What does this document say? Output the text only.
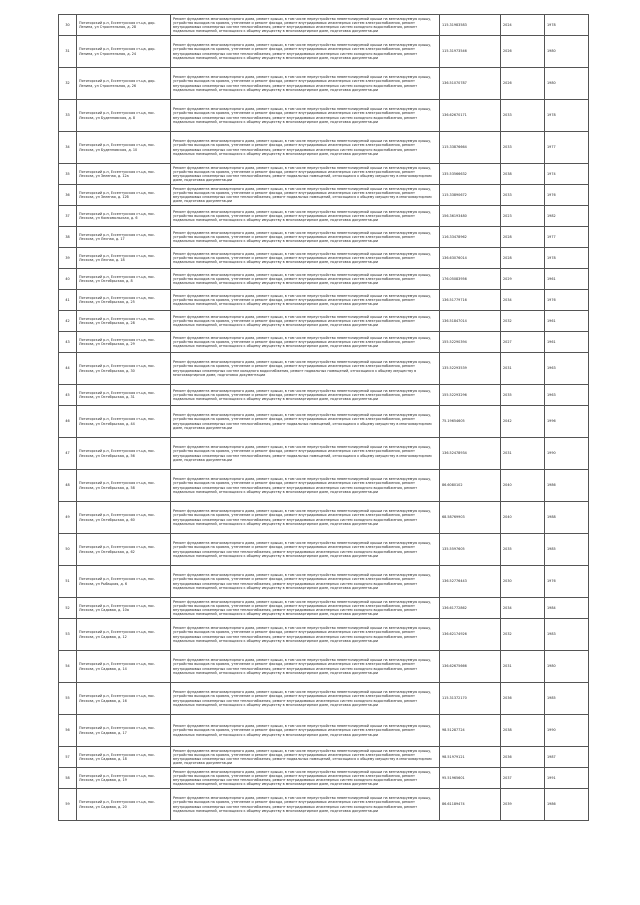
30	Пятигорский р-н, Ессентукская ст-ца, дор. Ленина, ул Строительная, д. 28	Ремонт фундамента многоквартирного дома, ремонт крыши, в том числе переустройство невентилируемой крыши на вентилируемую крышу, устройство выходов на кровлю, утепление и ремонт фасада, ремонт внутридомовых инженерных систем электроснабжения, ремонт внутридомовых инженерных систем теплоснабжения, ремонт внутридомовых инженерных систем холодного водоснабжения, ремонт подвальных помещений, относящихся к общему имуществу в многоквартирном доме, подготовка документации	115.31983583	2024	1978
31	Пятигорский р-н, Ессентукская ст-ца, дор. Ленина, ул Строительная, д. 24	Ремонт фундамента многоквартирного дома, ремонт крыши, в том числе переустройство невентилируемой крыши на вентилируемую крышу, устройство выходов на кровлю, утепление и ремонт фасада, ремонт внутридомовых инженерных систем электроснабжения, ремонт внутридомовых инженерных систем теплоснабжения, ремонт внутридомовых инженерных систем холодного водоснабжения, ремонт подвальных помещений, относящихся к общему имуществу в многоквартирном доме, подготовка документации	115.31973546	2026	1980
32	Пятигорский р-н, Ессентукская ст-ца, дор. Ленина, ул Строительная, д. 26	Ремонт фундамента многоквартирного дома, ремонт крыши, в том числе переустройство невентилируемой крыши на вентилируемую крышу, устройство выходов на кровлю, утепление и ремонт фасада, ремонт внутридомовых инженерных систем электроснабжения, ремонт внутридомовых инженерных систем теплоснабжения, ремонт внутридомовых инженерных систем холодного водоснабжения, ремонт подвальных помещений, относящихся к общему имуществу в многоквартирном доме, подготовка документации	136.51070787	2026	1980
33	Пятигорский р-н, Ессентукская ст-ца, пос. Лесхоза, ул Буденновская, д. 8	Ремонт фундамента многоквартирного дома, ремонт крыши, в том числе переустройство невентилируемой крыши на вентилируемую крышу, устройство выходов на кровлю, утепление и ремонт фасада, ремонт внутридомовых инженерных систем электроснабжения, ремонт внутридомовых инженерных систем теплоснабжения, ремонт внутридомовых инженерных систем холодного водоснабжения, ремонт подвальных помещений, относящихся к общему имуществу в многоквартирном доме, подготовка документации	136.62670171	2033	1978
34	Пятигорский р-н, Ессентукская ст-ца, пос. Лесхоза, ул Буденновская, д. 10	Ремонт фундамента многоквартирного дома, ремонт крыши, в том числе переустройство невентилируемой крыши на вентилируемую крышу, устройство выходов на кровлю, утепление и ремонт фасада, ремонт внутридомовых инженерных систем электроснабжения, ремонт внутридомовых инженерных систем теплоснабжения, ремонт внутридомовых инженерных систем холодного водоснабжения, ремонт подвальных помещений, относящихся к общему имуществу в многоквартирном доме, подготовка документации	115.33876664	2033	1977
35	Пятигорский р-н, Ессентукская ст-ца, пос. Лесхоза, ул Зеленая, д. 12а	Ремонт фундамента многоквартирного дома, ремонт крыши, в том числе переустройство невентилируемой крыши на вентилируемую крышу, устройство выходов на кровлю, утепление и ремонт фасада, ремонт внутридомовых инженерных систем электроснабжения, ремонт внутридомовых инженерных систем теплоснабжения, ремонт подвальных помещений, относящихся к общему имуществу в многоквартирном доме, подготовка документации	135.53566632	2038	1974
36	Пятигорский р-н, Ессентукская ст-ца, пос. Лесхоза, ул Зеленая, д. 12б	Ремонт фундамента многоквартирного дома, ремонт крыши, в том числе переустройство невентилируемой крыши на вентилируемую крышу, устройство выходов на кровлю, утепление и ремонт фасада, ремонт внутридомовых инженерных систем электроснабжения, ремонт внутридомовых инженерных систем теплоснабжения, ремонт подвальных помещений, относящихся к общему имуществу в многоквартирном доме, подготовка документации	115.33890672	2033	1976
37	Пятигорский р-н, Ессентукская ст-ца, пос. Лесхоза, ул Комсомольская, д. 6	Ремонт фундамента многоквартирного дома, ремонт крыши, в том числе переустройство невентилируемой крыши на вентилируемую крышу, устройство выходов на кровлю, утепление и ремонт фасада, ремонт внутридомовых инженерных систем электроснабжения, ремонт подвальных помещений, относящихся к общему имуществу в многоквартирном доме, подготовка документации	156.36193480	2023	1982
38	Пятигорский р-н, Ессентукская ст-ца, пос. Лесхоза, ул Лесная, д. 17	Ремонт фундамента многоквартирного дома, ремонт крыши, в том числе переустройство невентилируемой крыши на вентилируемую крышу, устройство выходов на кровлю, утепление и ремонт фасада, ремонт внутридомовых инженерных систем электроснабжения, ремонт подвальных помещений, относящихся к общему имуществу в многоквартирном доме, подготовка документации	116.33478962	2028	1977
39	Пятигорский р-н, Ессентукская ст-ца, пос. Лесхоза, ул Лесная, д. 18	Ремонт фундамента многоквартирного дома, ремонт крыши, в том числе переустройство невентилируемой крыши на вентилируемую крышу, устройство выходов на кровлю, утепление и ремонт фасада, ремонт внутридомовых инженерных систем электроснабжения, ремонт подвальных помещений, относящихся к общему имуществу в многоквартирном доме, подготовка документации	136.63076014	2028	1978
40	Пятигорский р-н, Ессентукская ст-ца, пос. Лесхоза, ул Октябрьская, д. 8	Ремонт фундамента многоквартирного дома, ремонт крыши, в том числе переустройство невентилируемой крыши на вентилируемую крышу, устройство выходов на кровлю, утепление и ремонт фасада, ремонт внутридомовых инженерных систем электроснабжения, ремонт подвальных помещений, относящихся к общему имуществу в многоквартирном доме, подготовка документации	176.05083956	2029	1961
41	Пятигорский р-н, Ессентукская ст-ца, пос. Лесхоза, ул Октябрьская, д. 25	Ремонт фундамента многоквартирного дома, ремонт крыши, в том числе переустройство невентилируемой крыши на вентилируемую крышу, устройство выходов на кровлю, утепление и ремонт фасада, ремонт внутридомовых инженерных систем электроснабжения, ремонт подвальных помещений, относящихся к общему имуществу в многоквартирном доме, подготовка документации	136.51779716	2034	1976
42	Пятигорский р-н, Ессентукская ст-ца, пос. Лесхоза, ул Октябрьская, д. 28	Ремонт фундамента многоквартирного дома, ремонт крыши, в том числе переустройство невентилируемой крыши на вентилируемую крышу, устройство выходов на кровлю, утепление и ремонт фасада, ремонт внутридомовых инженерных систем электроснабжения, ремонт подвальных помещений, относящихся к общему имуществу в многоквартирном доме, подготовка документации	136.51847014	2032	1961
43	Пятигорский р-н, Ессентукская ст-ца, пос. Лесхоза, ул Октябрьская, д. 29	Ремонт фундамента многоквартирного дома, ремонт крыши, в том числе переустройство невентилируемой крыши на вентилируемую крышу, устройство выходов на кровлю, утепление и ремонт фасада, ремонт внутридомовых инженерных систем электроснабжения, ремонт подвальных помещений, относящихся к общему имуществу в многоквартирном доме, подготовка документации	155.52290394	2027	1961
44	Пятигорский р-н, Ессентукская ст-ца, пос. Лесхоза, ул Октябрьская, д. 30	Ремонт фундамента многоквартирного дома, ремонт крыши, в том числе переустройство невентилируемой крыши на вентилируемую крышу, устройство выходов на кровлю, утепление и ремонт фасада, ремонт внутридомовых инженерных систем электроснабжения, ремонт внутридомовых инженерных систем холодного водоснабжения, ремонт подвальных помещений, относящихся к общему имуществу в многоквартирном доме, подготовка документации	135.52293539	2031	1963
45	Пятигорский р-н, Ессентукская ст-ца, пос. Лесхоза, ул Октябрьская, д. 31	Ремонт фундамента многоквартирного дома, ремонт крыши, в том числе переустройство невентилируемой крыши на вентилируемую крышу, устройство выходов на кровлю, утепление и ремонт фасада, ремонт внутридомовых инженерных систем электроснабжения, ремонт подвальных помещений, относящихся к общему имуществу в многоквартирном доме, подготовка документации	155.52293296	2035	1963
46	Пятигорский р-н, Ессентукская ст-ца, пос. Лесхоза, ул Октябрьская, д. 44	Ремонт фундамента многоквартирного дома, ремонт крыши, в том числе переустройство невентилируемой крыши на вентилируемую крышу, устройство выходов на кровлю, утепление и ремонт фасада, ремонт внутридомовых инженерных систем электроснабжения, ремонт внутридомовых инженерных систем теплоснабжения, ремонт подвальных помещений, относящихся к общему имуществу в многоквартирном доме, подготовка документации	75.19654605	2042	1996
47	Пятигорский р-н, Ессентукская ст-ца, пос. Лесхоза, ул Октябрьская, д. 56	Ремонт фундамента многоквартирного дома, ремонт крыши, в том числе переустройство невентилируемой крыши на вентилируемую крышу, устройство выходов на кровлю, утепление и ремонт фасада, ремонт внутридомовых инженерных систем электроснабжения, ремонт внутридомовых инженерных систем теплоснабжения, ремонт подвальных помещений, относящихся к общему имуществу в многоквартирном доме, подготовка документации	136.52478934	2031	1990
48	Пятигорский р-н, Ессентукская ст-ца, пос. Лесхоза, ул Октябрьская, д. 58	Ремонт фундамента многоквартирного дома, ремонт крыши, в том числе переустройство невентилируемой крыши на вентилируемую крышу, устройство выходов на кровлю, утепление и ремонт фасада, ремонт внутридомовых инженерных систем электроснабжения, ремонт внутридомовых инженерных систем теплоснабжения, ремонт внутридомовых инженерных систем холодного водоснабжения, ремонт подвальных помещений, относящихся к общему имуществу в многоквартирном доме, подготовка документации	86.6080102	2040	1986
49	Пятигорский р-н, Ессентукская ст-ца, пос. Лесхоза, ул Октябрьская, д. 60	Ремонт фундамента многоквартирного дома, ремонт крыши, в том числе переустройство невентилируемой крыши на вентилируемую крышу, устройство выходов на кровлю, утепление и ремонт фасада, ремонт внутридомовых инженерных систем электроснабжения, ремонт внутридомовых инженерных систем теплоснабжения, ремонт внутридомовых инженерных систем холодного водоснабжения, ремонт подвальных помещений, относящихся к общему имуществу в многоквартирном доме, подготовка документации	68.58769903	2040	1988
50	Пятигорский р-н, Ессентукская ст-ца, пос. Лесхоза, ул Октябрьская, д. 62	Ремонт фундамента многоквартирного дома, ремонт крыши, в том числе переустройство невентилируемой крыши на вентилируемую крышу, устройство выходов на кровлю, утепление и ремонт фасада, ремонт внутридомовых инженерных систем электроснабжения, ремонт внутридомовых инженерных систем теплоснабжения, ремонт внутридомовых инженерных систем холодного водоснабжения, ремонт подвальных помещений, относящихся к общему имуществу в многоквартирном доме, подготовка документации	135.5597605	2035	1985
51	Пятигорский р-н, Ессентукская ст-ца, пос. Лесхоза, ул Рыбацкая, д. 6	Ремонт фундамента многоквартирного дома, ремонт крыши, в том числе переустройство невентилируемой крыши на вентилируемую крышу, устройство выходов на кровлю, утепление и ремонт фасада, ремонт внутридомовых инженерных систем электроснабжения, ремонт внутридомовых инженерных систем теплоснабжения, ремонт внутридомовых инженерных систем холодного водоснабжения, ремонт подвальных помещений, относящихся к общему имуществу в многоквартирном доме, подготовка документации	136.52776443	2030	1976
52	Пятигорский р-н, Ессентукская ст-ца, пос. Лесхоза, ул Садовая, д. 10а	Ремонт фундамента многоквартирного дома, ремонт крыши, в том числе переустройство невентилируемой крыши на вентилируемую крышу, устройство выходов на кровлю, утепление и ремонт фасада, ремонт внутридомовых инженерных систем электроснабжения, ремонт внутридомовых инженерных систем теплоснабжения, ремонт внутридомовых инженерных систем холодного водоснабжения, ремонт подвальных помещений, относящихся к общему имуществу в многоквартирном доме, подготовка документации	136.61772862	2034	1984
53	Пятигорский р-н, Ессентукская ст-ца, пос. Лесхоза, ул Садовая, д. 12	Ремонт фундамента многоквартирного дома, ремонт крыши, в том числе переустройство невентилируемой крыши на вентилируемую крышу, устройство выходов на кровлю, утепление и ремонт фасада, ремонт внутридомовых инженерных систем электроснабжения, ремонт внутридомовых инженерных систем теплоснабжения, ремонт внутридомовых инженерных систем холодного водоснабжения, ремонт подвальных помещений, относящихся к общему имуществу в многоквартирном доме, подготовка документации	136.62174926	2032	1983
54	Пятигорский р-н, Ессентукская ст-ца, пос. Лесхоза, ул Садовая, д. 14	Ремонт фундамента многоквартирного дома, ремонт крыши, в том числе переустройство невентилируемой крыши на вентилируемую крышу, устройство выходов на кровлю, утепление и ремонт фасада, ремонт внутридомовых инженерных систем электроснабжения, ремонт внутридомовых инженерных систем теплоснабжения, ремонт внутридомовых инженерных систем холодного водоснабжения, ремонт подвальных помещений, относящихся к общему имуществу в многоквартирном доме, подготовка документации	136.62675666	2031	1980
55	Пятигорский р-н, Ессентукская ст-ца, пос. Лесхоза, ул Садовая, д. 16	Ремонт фундамента многоквартирного дома, ремонт крыши, в том числе переустройство невентилируемой крыши на вентилируемую крышу, устройство выходов на кровлю, утепление и ремонт фасада, ремонт внутридомовых инженерных систем электроснабжения, ремонт внутридомовых инженерных систем теплоснабжения, ремонт внутридомовых инженерных систем холодного водоснабжения, ремонт подвальных помещений, относящихся к общему имуществу в многоквартирном доме, подготовка документации	115.31372170	2036	1985
56	Пятигорский р-н, Ессентукская ст-ца, пос. Лесхоза, ул Садовая, д. 17	Ремонт фундамента многоквартирного дома, ремонт крыши, в том числе переустройство невентилируемой крыши на вентилируемую крышу, устройство выходов на кровлю, утепление и ремонт фасада, ремонт внутридомовых инженерных систем электроснабжения, ремонт подвальных помещений, относящихся к общему имуществу в многоквартирном доме, подготовка документации	98.51287724	2038	1990
57	Пятигорский р-н, Ессентукская ст-ца, пос. Лесхоза, ул Садовая, д. 18	Ремонт фундамента многоквартирного дома, ремонт крыши, в том числе переустройство невентилируемой крыши на вентилируемую крышу, устройство выходов на кровлю, утепление и ремонт фасада, ремонт внутридомовых инженерных систем электроснабжения, ремонт внутридомовых инженерных систем теплоснабжения, ремонт подвальных помещений, относящихся к общему имуществу в многоквартирном доме, подготовка документации	98.51979121	2036	1987
58	Пятигорский р-н, Ессентукская ст-ца, пос. Лесхоза, ул Садовая, д. 19	Ремонт фундамента многоквартирного дома, ремонт крыши, в том числе переустройство невентилируемой крыши на вентилируемую крышу, устройство выходов на кровлю, утепление и ремонт фасада, ремонт внутридомовых инженерных систем электроснабжения, ремонт внутридомовых инженерных систем теплоснабжения, ремонт внутридомовых инженерных систем холодного водоснабжения, ремонт подвальных помещений, относящихся к общему имуществу в многоквартирном доме, подготовка документации	95.51965601	2037	1991
59	Пятигорский р-н, Ессентукская ст-ца, пос. Лесхоза, ул Садовая, д. 20	Ремонт фундамента многоквартирного дома, ремонт крыши, в том числе переустройство невентилируемой крыши на вентилируемую крышу, устройство выходов на кровлю, утепление и ремонт фасада, ремонт внутридомовых инженерных систем электроснабжения, ремонт внутридомовых инженерных систем теплоснабжения, ремонт внутридомовых инженерных систем холодного водоснабжения, ремонт подвальных помещений, относящихся к общему имуществу в многоквартирном доме, подготовка документации	86.61189474	2039	1986
